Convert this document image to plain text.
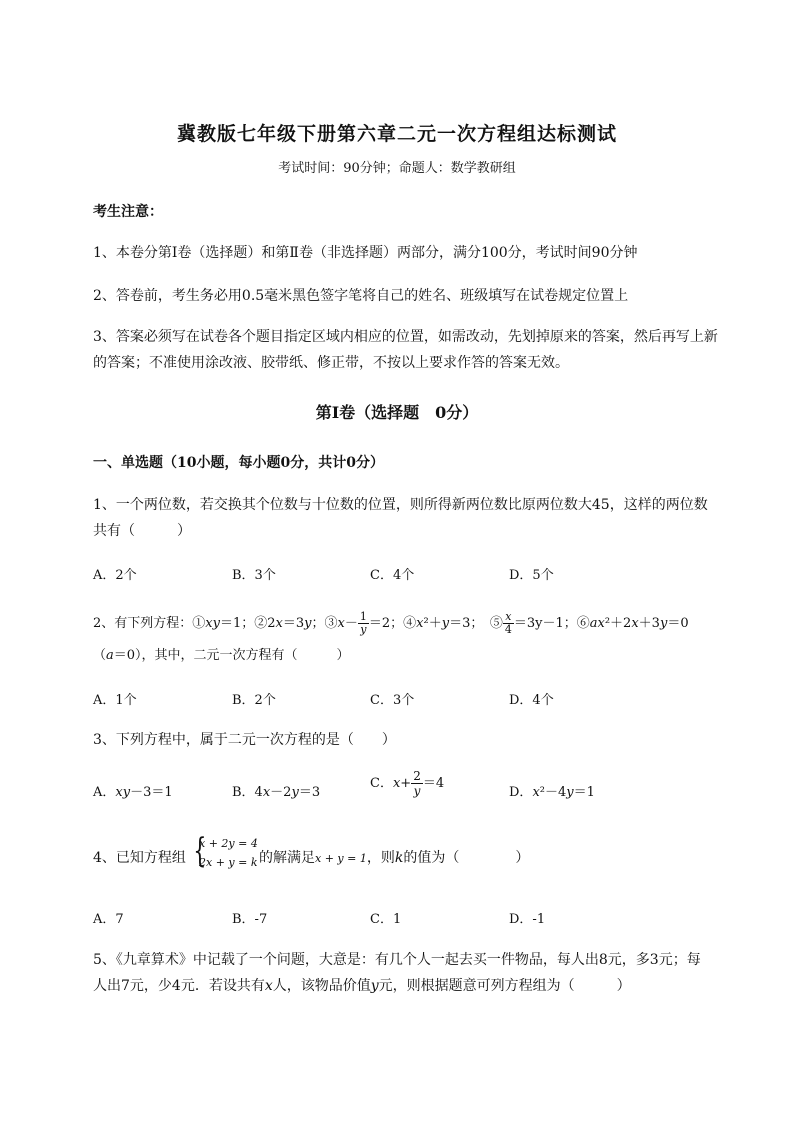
冀教版七年级下册第六章二元一次方程组达标测试
考试时间：90分钟；命题人：数学教研组
考生注意：
1、本卷分第Ⅰ卷（选择题）和第Ⅱ卷（非选择题）两部分，满分100分，考试时间90分钟
2、答卷前，考生务必用0.5毫米黑色签字笔将自己的姓名、班级填写在试卷规定位置上
3、答案必须写在试卷各个题目指定区域内相应的位置，如需改动，先划掉原来的答案，然后再写上新
的答案；不准使用涂改液、胶带纸、修正带，不按以上要求作答的答案无效。
第Ⅰ卷（选择题　0分）
一、单选题（10小题，每小题0分，共计0分）
1、一个两位数，若交换其个位数与十位数的位置，则所得新两位数比原两位数大45，这样的两位数
共有（　　　）
A．2个	B．3个	C．4个	D．5个
2、有下列方程：①xy＝1；②2x＝3y；③x－ $\frac{1}{y} =2$；④x²＋y＝3；　⑤ $\frac{x}{4} =3y-1$；⑥ax²＋2x＋3y＝0
（a＝0），其中，二元一次方程有（　　　）
A．1个	B．2个	C．3个	D．4个
3、下列方程中，属于二元一次方程的是（　　）
A．xy－3＝1	B．4x－2y＝3
C．$x+ \frac{2}{y} =4$
D．x²－4y＝1
4、已知方程组 {
x + 2y = 4
2x + y = k 的解满足x + y = 1，则k的值为（　　　　）
A．7	B．-7	C．1	D．-1
5、《九章算术》中记载了一个问题，大意是：有几个人一起去买一件物品，每人出8元，多3元；每
人出7元，少4元．若设共有x人，该物品价值y元，则根据题意可列方程组为（　　　）
